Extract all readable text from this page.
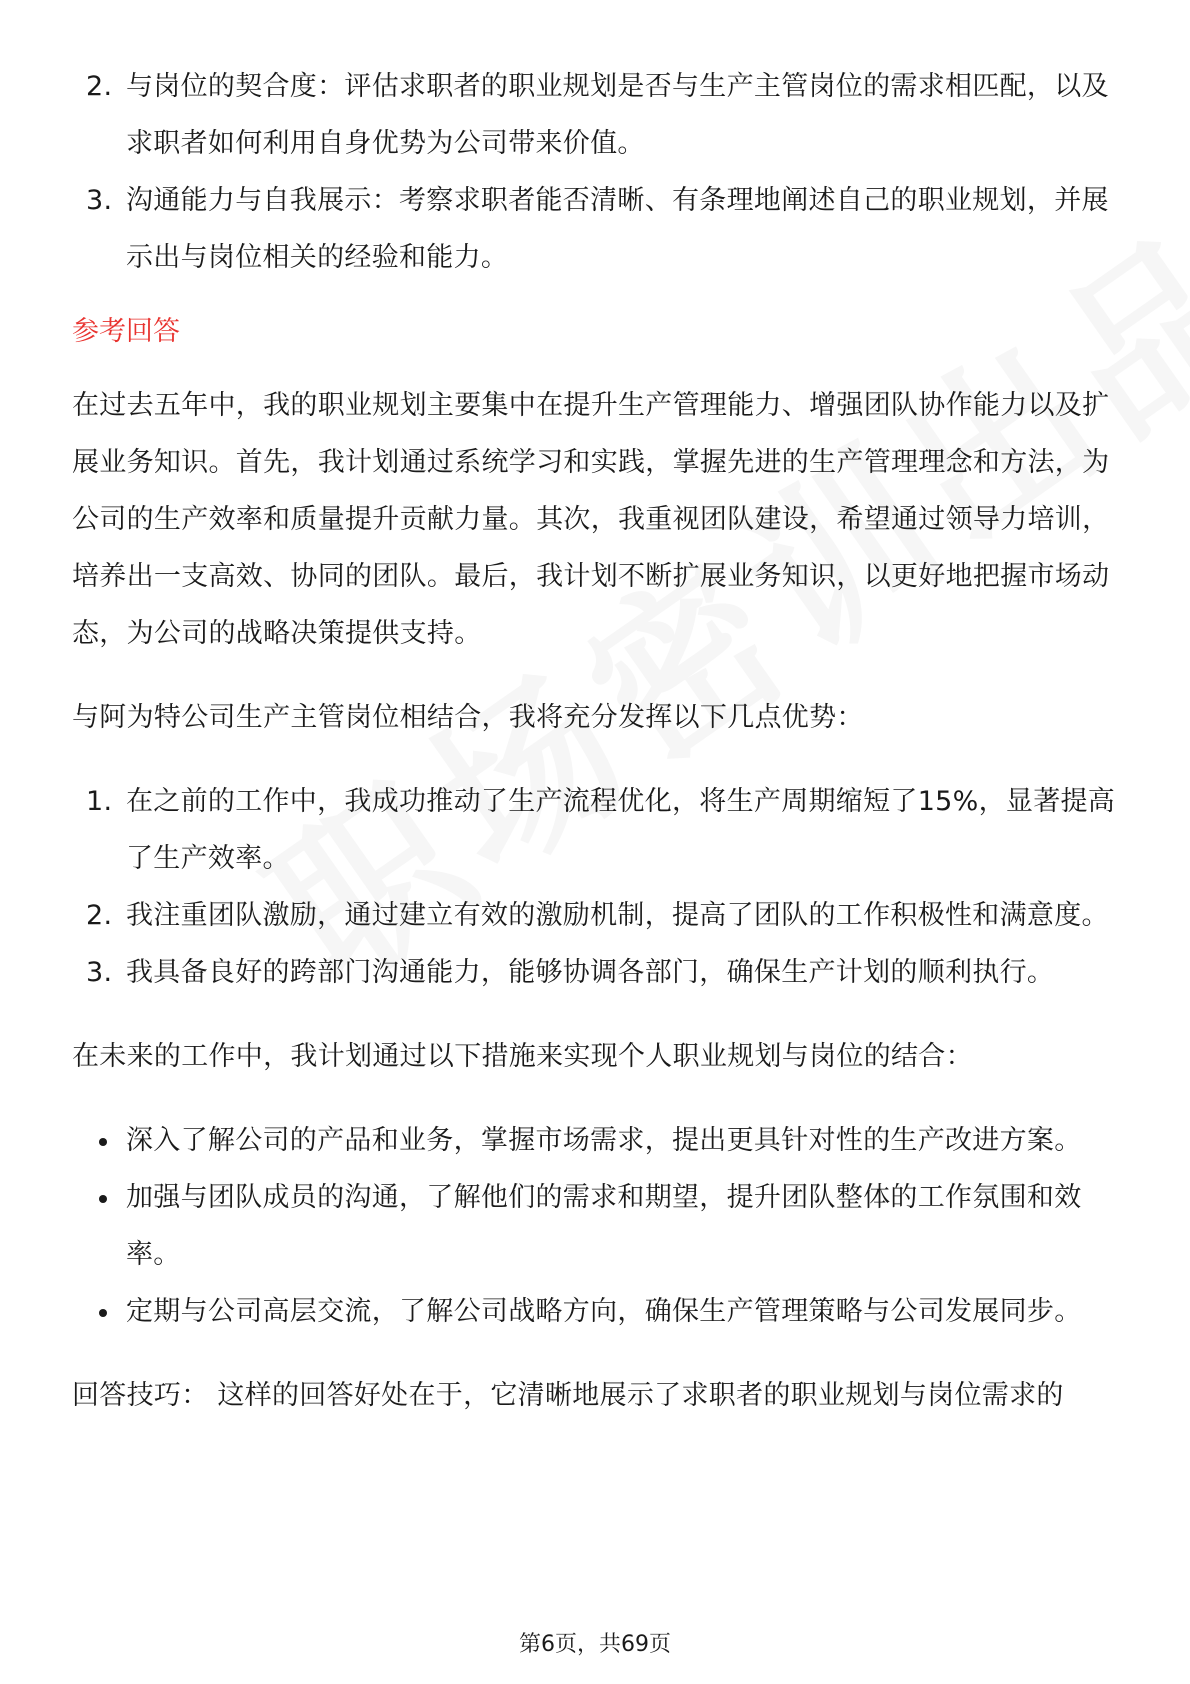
2. 与岗位的契合度：评估求职者的职业规划是否与生产主管岗位的需求相匹配，以及求职者如何利用自身优势为公司带来价值。
3. 沟通能力与自我展示：考察求职者能否清晰、有条理地阐述自己的职业规划，并展示出与岗位相关的经验和能力。

参考回答

在过去五年中，我的职业规划主要集中在提升生产管理能力、增强团队协作能力以及扩展业务知识。首先，我计划通过系统学习和实践，掌握先进的生产管理理念和方法，为公司的生产效率和质量提升贡献力量。其次，我重视团队建设，希望通过领导力培训，培养出一支高效、协同的团队。最后，我计划不断扩展业务知识，以更好地把握市场动态，为公司的战略决策提供支持。

与阿为特公司生产主管岗位相结合，我将充分发挥以下几点优势：

1. 在之前的工作中，我成功推动了生产流程优化，将生产周期缩短了15%，显著提高了生产效率。
2. 我注重团队激励，通过建立有效的激励机制，提高了团队的工作积极性和满意度。
3. 我具备良好的跨部门沟通能力，能够协调各部门，确保生产计划的顺利执行。

在未来的工作中，我计划通过以下措施来实现个人职业规划与岗位的结合：

深入了解公司的产品和业务，掌握市场需求，提出更具针对性的生产改进方案。
加强与团队成员的沟通，了解他们的需求和期望，提升团队整体的工作氛围和效率。
定期与公司高层交流，了解公司战略方向，确保生产管理策略与公司发展同步。

回答技巧： 这样的回答好处在于，它清晰地展示了求职者的职业规划与岗位需求的

第6页，共69页
